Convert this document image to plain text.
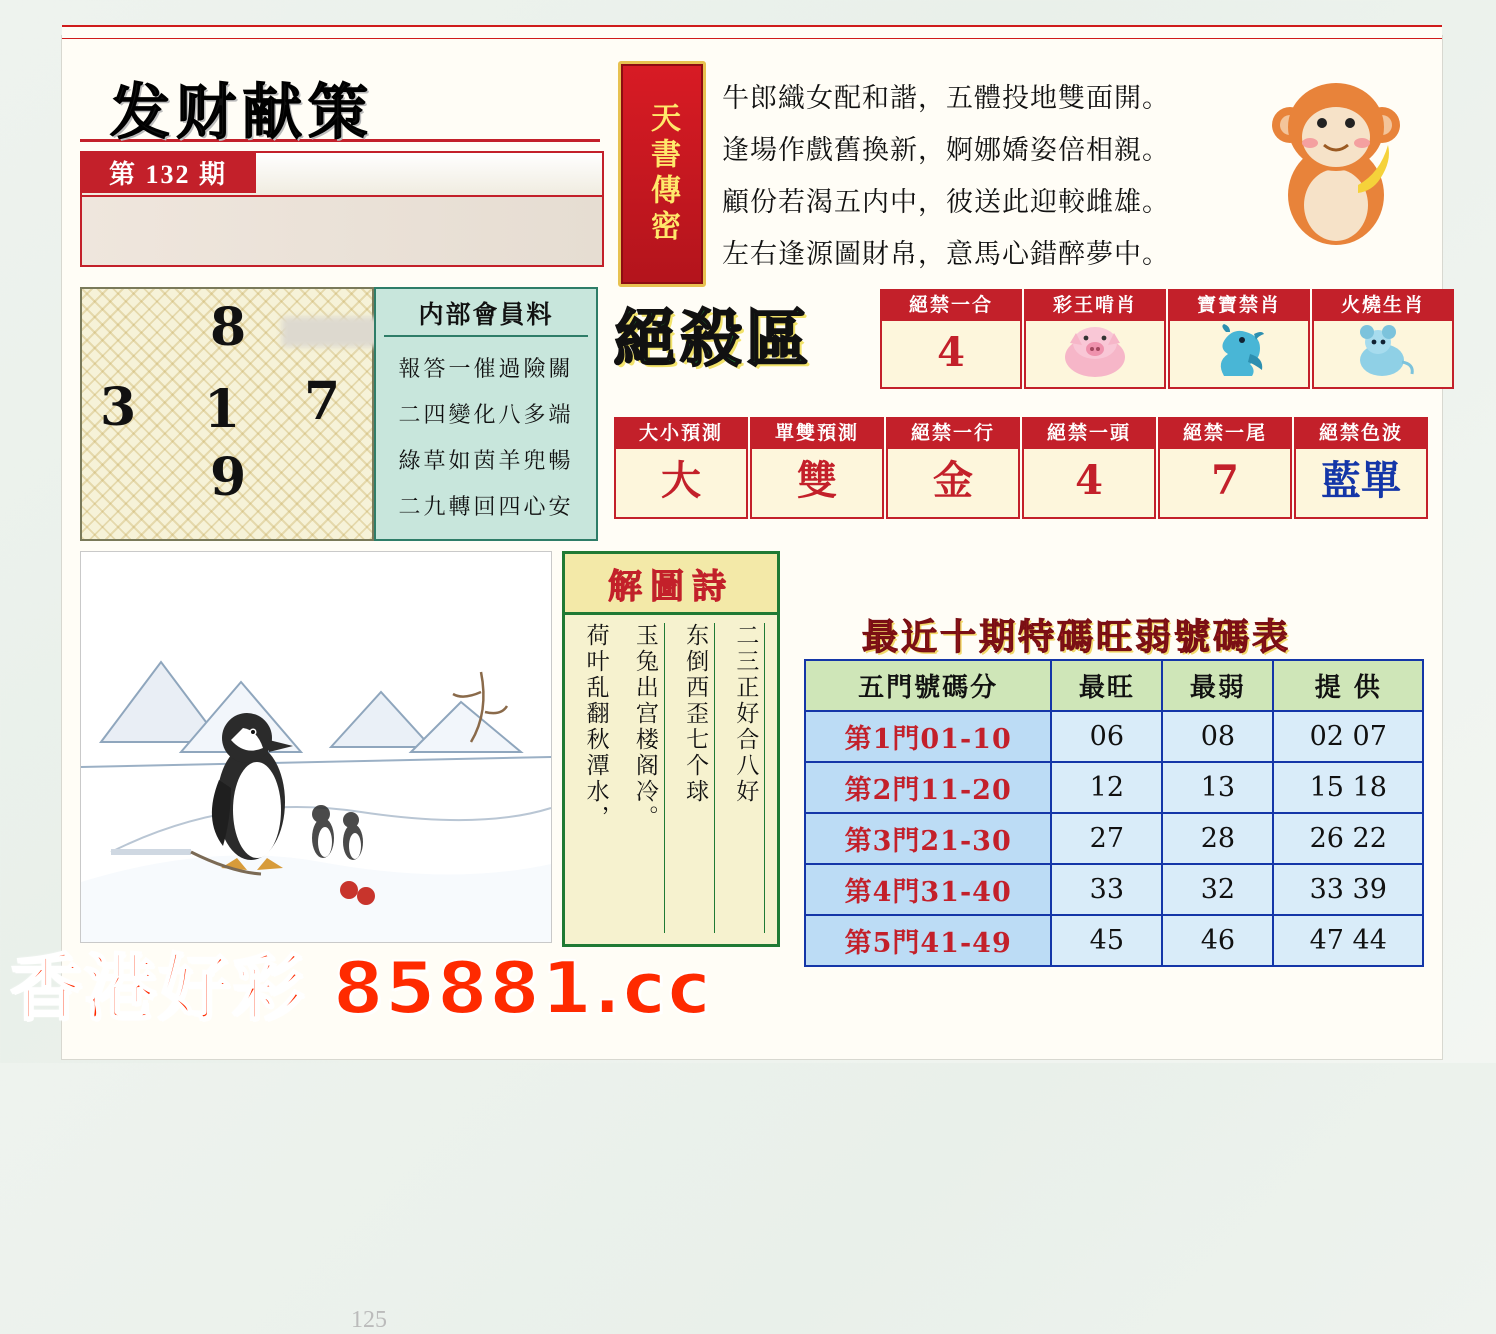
发财献策
第 132 期	天書傳密
牛郎織女配和諧，五體投地雙面開。
逢場作戲舊換新，婀娜嬌姿倍相親。
顧份若渴五内中，彼送此迎較雌雄。
左右逢源圖財帛，意馬心錯醉夢中。
8
3 1 7
9
内部會員料
報答一催過險關
二四變化八多端
綠草如茵羊兜暢
二九轉回四心安
絕殺區	絕禁一合
4
彩王啃肖	寶寶禁肖	火燒生肖
大小預測
大
單雙預測
雙
絕禁一行
金
絕禁一頭
4
絕禁一尾
7
絕禁色波
藍單
125
解圖詩
二三正好合八好
东倒西歪七个球
玉兔出宫楼阁冷。
荷叶乱翻秋潭水，	最近十期特碼旺弱號碼表
五門號碼分	最旺	最弱	提 供
第1門01-10	06	08	02 07
第2門11-20	12	13	15 18
第3門21-30	27	28	26 22
第4門31-40	33	32	33 39
第5門41-49	45	46	47 44
香港好彩 85881.cc
